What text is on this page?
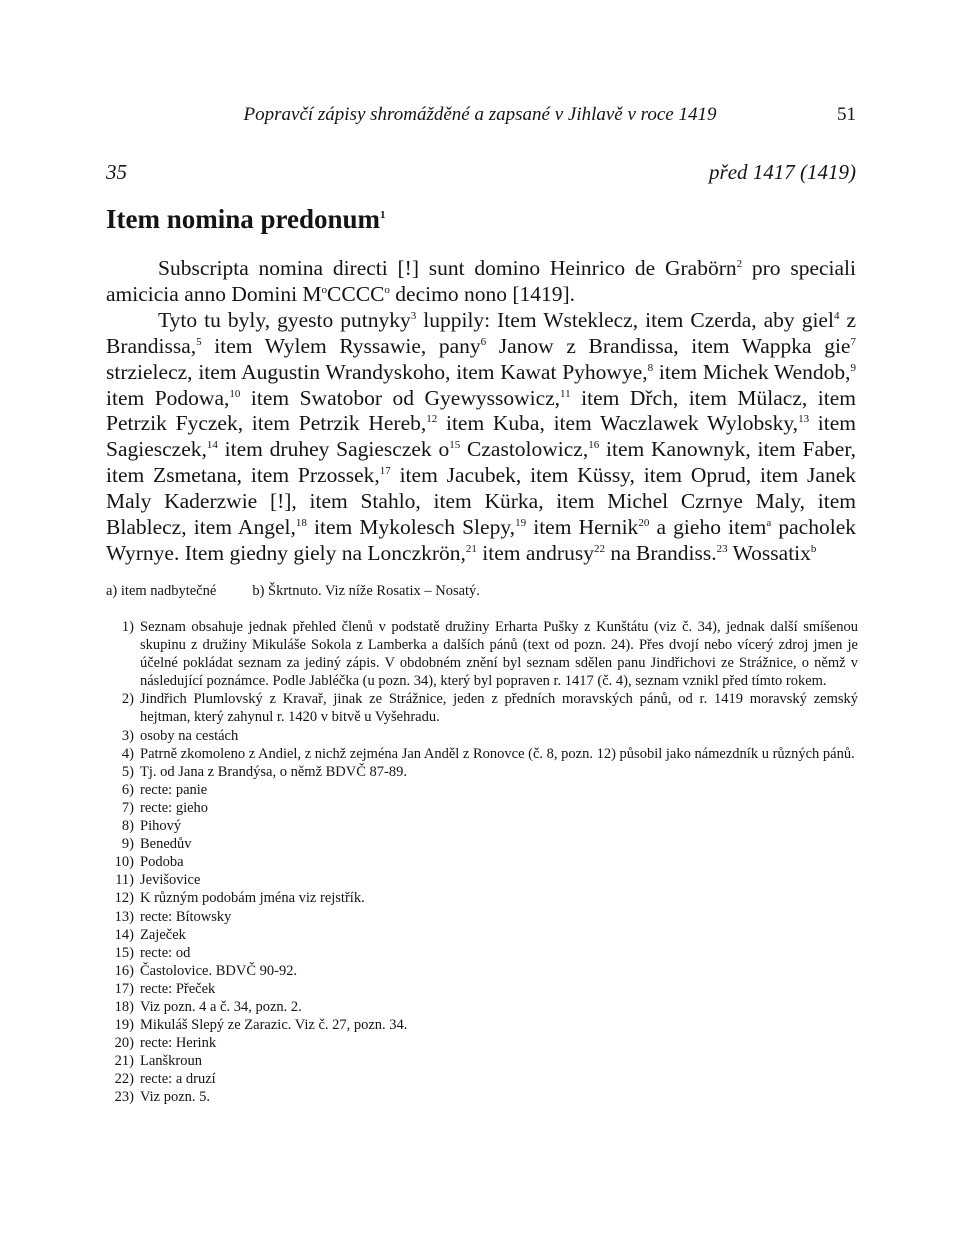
Popravčí zápisy shromážděné a zapsané v Jihlavě v roce 1419	51
35	před 1417 (1419)
Item nomina predonum$^1$

Subscripta nomina directi [!] sunt domino Heinrico de Grabörn$^2$ pro speciali amicicia anno Domini $M^oCCCC^o$ decimo nono [1419].

Tyto tu byly, gyesto putnyky$^3$ luppily: Item Wsteklecz, item Czerda, aby giel$^4$ z Brandissa,$^5$ item Wylem Ryssawie, pany$^6$ Janow z Brandissa, item Wappka gie$^7$ strzielecz, item Augustin Wrandyskoho, item Kawat Pyhowye,$^8$ item Michek Wendob,$^9$ item Podowa,$^{10}$ item Swatobor od Gyewyssowicz,$^{11}$ item Dřch, item Mülacz, item Petrzik Fyczek, item Petrzik Hereb,$^{12}$ item Kuba, item Waczlawek Wylobsky,$^{13}$ item Sagiesczek,$^{14}$ item druhey Sagiesczek $o^{15}$ Czastolowicz,$^{16}$ item Kanownyk, item Faber, item Zsmetana, item Przossek,$^{17}$ item Jacubek, item Küssy, item Oprud, item Janek Maly Kaderzwie [!], item Stahlo, item Kürka, item Michel Czrnye Maly, item Blablecz, item Angel,$^{18}$ item Mykolesch Slepy,$^{19}$ item Hernik$^{20}$ a gieho item$^a$ pacholek Wyrnye. Item giedny giely na Lonczkrön,$^{21}$ item andrusy$^{22}$ na Brandiss.$^{23}$ Wossatix$^b$

a) item nadbytečné b) Škrtnuto. Viz níže Rosatix – Nosatý.
1) Seznam obsahuje jednak přehled členů v podstatě družiny Erharta Pušky z Kunštátu (viz č. 34), jednak další smíšenou skupinu z družiny Mikuláše Sokola z Lamberka a dalších pánů (text od pozn. 24). Přes dvojí nebo vícerý zdroj jmen je účelné pokládat seznam za jediný zápis. V obdobném znění byl seznam sdělen panu Jindřichovi ze Strážnice, o němž v následující poznámce. Podle Jabléčka (u pozn. 34), který byl popraven r. 1417 (č. 4), seznam vznikl před tímto rokem.
2) Jindřich Plumlovský z Kravař, jinak ze Strážnice, jeden z předních moravských pánů, od r. 1419 moravský zemský hejtman, který zahynul r. 1420 v bitvě u Vyšehradu.
3) osoby na cestách
4) Patrně zkomoleno z Andiel, z nichž zejména Jan Anděl z Ronovce (č. 8, pozn. 12) působil jako námezdník u různých pánů.
5) Tj. od Jana z Brandýsa, o němž BDVČ 87-89.
6) recte: panie
7) recte: gieho
8) Pihový
9) Benedův
10) Podoba
11) Jevišovice
12) K různým podobám jména viz rejstřík.
13) recte: Bítowsky
14) Zaječek
15) recte: od
16) Častolovice. BDVČ 90-92.
17) recte: Přeček
18) Viz pozn. 4 a č. 34, pozn. 2.
19) Mikuláš Slepý ze Zarazic. Viz č. 27, pozn. 34.
20) recte: Herink
21) Lanškroun
22) recte: a druzí
23) Viz pozn. 5.
